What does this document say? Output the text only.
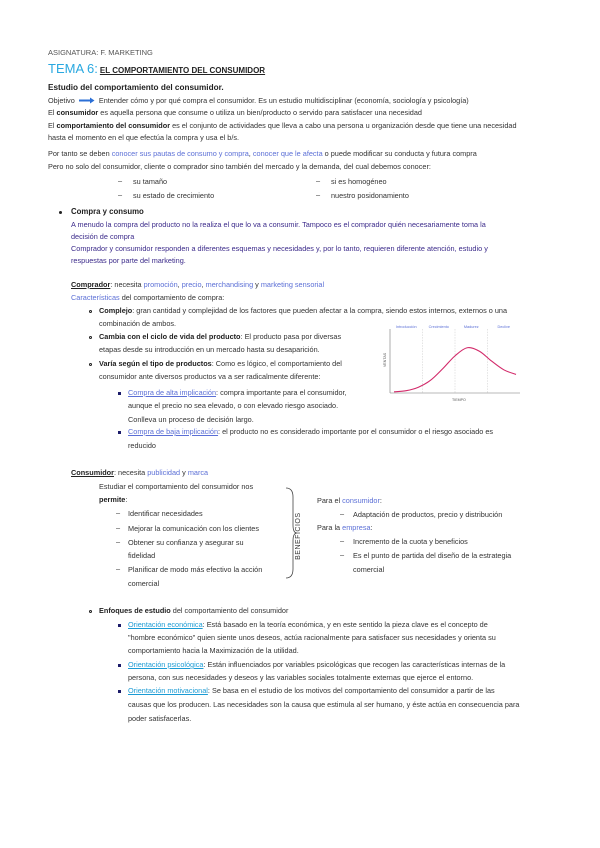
ASIGNATURA: F. MARKETING
TEMA 6: EL COMPORTAMIENTO DEL CONSUMIDOR
Estudio del comportamiento del consumidor.
Objetivo	Entender cómo y por qué compra el consumidor. Es un estudio multidisciplinar (economía, sociología y psicología)
El consumidor es aquella persona que consume o utiliza un bien/producto o servido para satisfacer una necesidad
El comportamiento del consumidor es el conjunto de actividades que lleva a cabo una persona u organización desde que tiene una necesidad
hasta el momento en el que efectúa la compra y usa el b/s.
Por tanto se deben conocer sus pautas de consumo y compra, conocer que le afecta o puede modificar su conducta y futura compra
Pero no solo del consumidor, cliente o comprador sino también del mercado y la demanda, del cual debemos conocer:
– su tamaño
– su estado de crecimiento
– si es homogéneo
– nuestro posidonamiento
Compra y consumo
A menudo la compra del producto no la realiza el que lo va a consumir. Tampoco es el comprador quién necesariamente toma la
decisión de compra
Comprador y consumidor responden a diferentes esquemas y necesidades y, por lo tanto, requieren diferente atención, estudio y
respuestas por parte del marketing.
Comprador: necesita promoción, precio, merchandising y marketing sensorial
Características del comportamiento de compra:
Complejo: gran cantidad y complejidad de los factores que pueden afectar a la compra, siendo estos internos, externos o una
combinación de ambos.
Cambia con el ciclo de vida del producto: El producto pasa por diversas
etapas desde su introducción en un mercado hasta su desaparición.
Varía según el tipo de productos: Como es lógico, el comportamiento del
consumidor ante diversos productos va a ser radicalmente diferente:
Compra de alta implicación: compra importante para el consumidor,
aunque el precio no sea elevado, o con elevado riesgo asociado.
Conlleva un proceso de decisión largo.
Compra de baja implicación: el producto no es considerado importante por el consumidor o el riesgo asociado es
reducido
Introducción	Crecimiento	Madurez	Declive
TIEMPO
VENTAS
Consumidor: necesita publicidad y marca
Estudiar el comportamiento del consumidor nos
permite:
– Identificar necesidades
– Mejorar la comunicación con los clientes
– Obtener su confianza y asegurar su
fidelidad
– Planificar de modo más efectivo la acción
comercial
BENEFICIOS
Para el consumidor:
– Adaptación de productos, precio y distribución
Para la empresa:
– Incremento de la cuota y beneficios
– Es el punto de partida del diseño de la estrategia
comercial
Enfoques de estudio del comportamiento del consumidor
Orientación económica: Está basado en la teoría económica, y en este sentido la pieza clave es el concepto de
"hombre económico" quien siente unos deseos, actúa racionalmente para satisfacer sus necesidades y orienta su
comportamiento hacia la Maximización de la utilidad.
Orientación psicológica: Están influenciados por variables psicológicas que recogen las características internas de la
persona, con sus necesidades y deseos y las variables sociales totalmente externas que ejerce el entorno.
Orientación motivacional: Se basa en el estudio de los motivos del comportamiento del consumidor a partir de las
causas que los producen. Las necesidades son la causa que estimula al ser humano, y éste actúa en consecuencia para
poder satisfacerlas.
